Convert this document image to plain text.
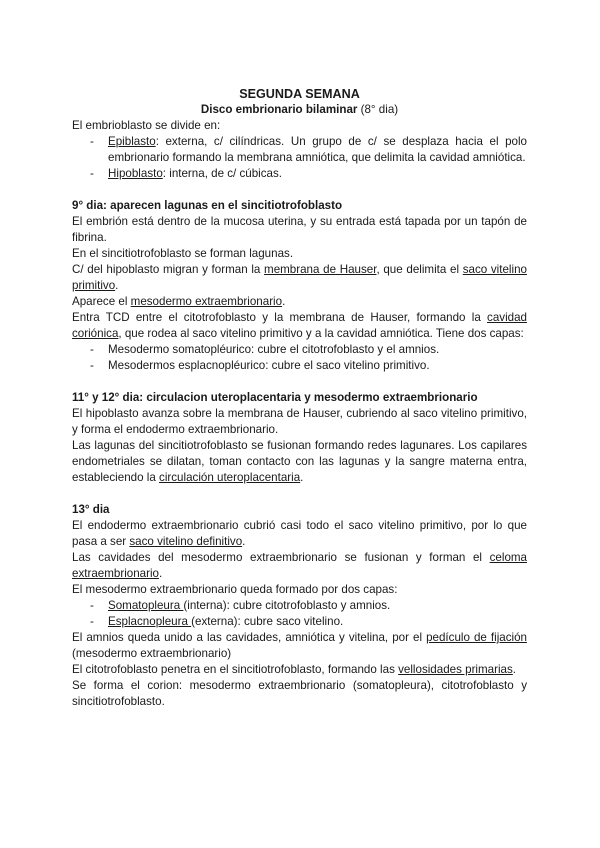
SEGUNDA SEMANA
Disco embrionario bilaminar (8° dia)

El embrioblasto se divide en:

- Epiblasto: externa, c/ cilíndricas. Un grupo de c/ se desplaza hacia el polo embrionario formando la membrana amniótica, que delimita la cavidad amniótica.
- Hipoblasto: interna, de c/ cúbicas.

9° dia: aparecen lagunas en el sincitiotrofoblasto

El embrión está dentro de la mucosa uterina, y su entrada está tapada por un tapón de fibrina.

En el sincitiotrofoblasto se forman lagunas.

C/ del hipoblasto migran y forman la membrana de Hauser, que delimita el saco vitelino primitivo.

Aparece el mesodermo extraembrionario.

Entra TCD entre el citotrofoblasto y la membrana de Hauser, formando la cavidad coriónica, que rodea al saco vitelino primitivo y a la cavidad amniótica. Tiene dos capas:

- Mesodermo somatopléurico: cubre el citotrofoblasto y el amnios.
- Mesodermos esplacnopléurico: cubre el saco vitelino primitivo.

11° y 12° dia: circulacion uteroplacentaria y mesodermo extraembrionario

El hipoblasto avanza sobre la membrana de Hauser, cubriendo al saco vitelino primitivo, y forma el endodermo extraembrionario.

Las lagunas del sincitiotrofoblasto se fusionan formando redes lagunares. Los capilares endometriales se dilatan, toman contacto con las lagunas y la sangre materna entra, estableciendo la circulación uteroplacentaria.

13° dia

El endodermo extraembrionario cubrió casi todo el saco vitelino primitivo, por lo que pasa a ser saco vitelino definitivo.

Las cavidades del mesodermo extraembrionario se fusionan y forman el celoma extraembrionario.

El mesodermo extraembrionario queda formado por dos capas:

- Somatopleura (interna): cubre citotrofoblasto y amnios.
- Esplacnopleura (externa): cubre saco vitelino.

El amnios queda unido a las cavidades, amniótica y vitelina, por el pedículo de fijación (mesodermo extraembrionario)

El citotrofoblasto penetra en el sincitiotrofoblasto, formando las vellosidades primarias.

Se forma el corion: mesodermo extraembrionario (somatopleura), citotrofoblasto y sincitiotrofoblasto.
